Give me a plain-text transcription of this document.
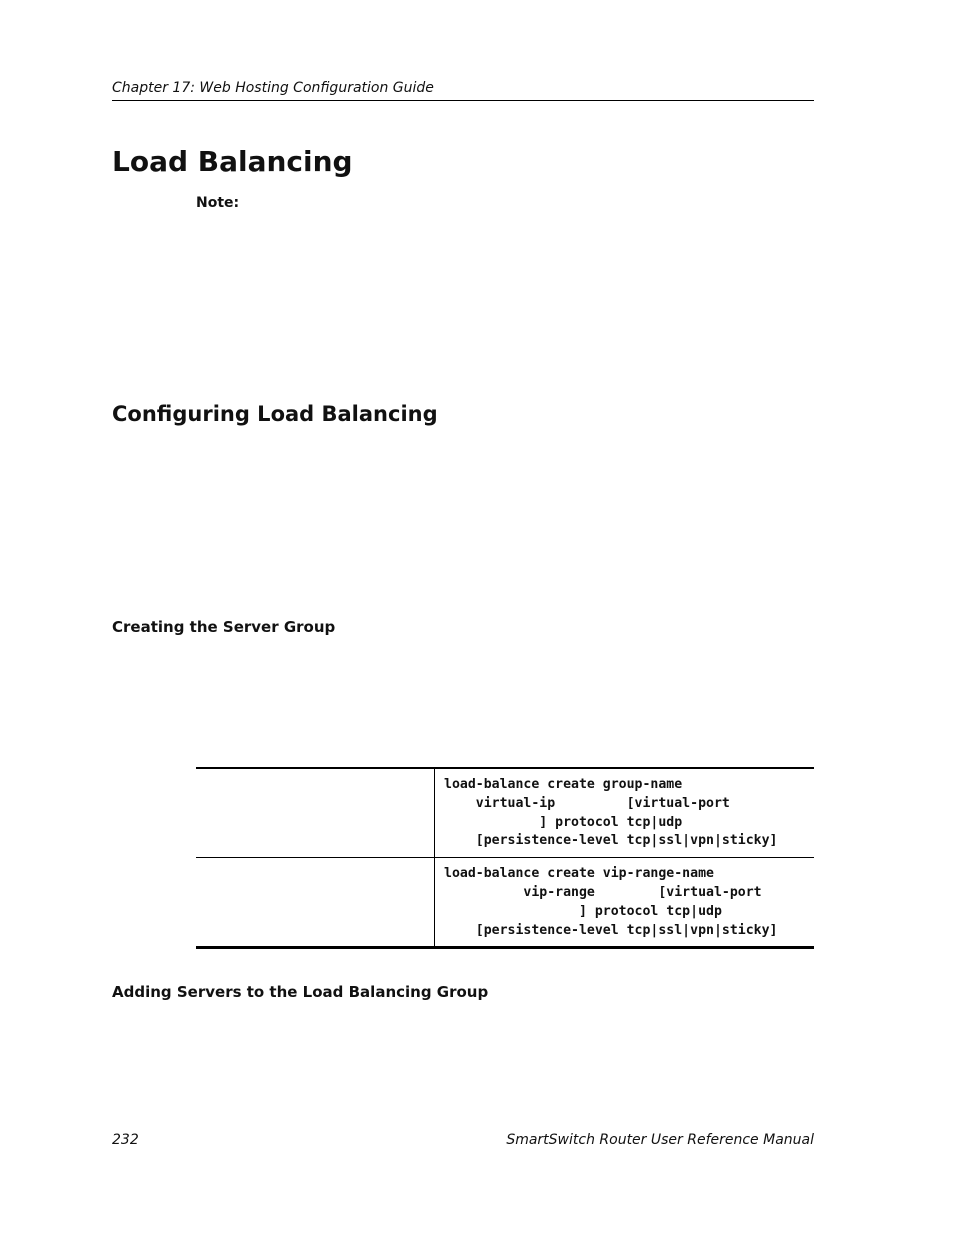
Chapter 17: Web Hosting Configuration Guide
Load Balancing
Note:
Configuring Load Balancing
Creating the Server Group

	load-balance create group-name
virtual-ip         [virtual-port
] protocol tcp|udp
[persistence-level tcp|ssl|vpn|sticky]

	load-balance create vip-range-name
vip-range        [virtual-port
] protocol tcp|udp
[persistence-level tcp|ssl|vpn|sticky]
Adding Servers to the Load Balancing Group
232	SmartSwitch Router User Reference Manual
